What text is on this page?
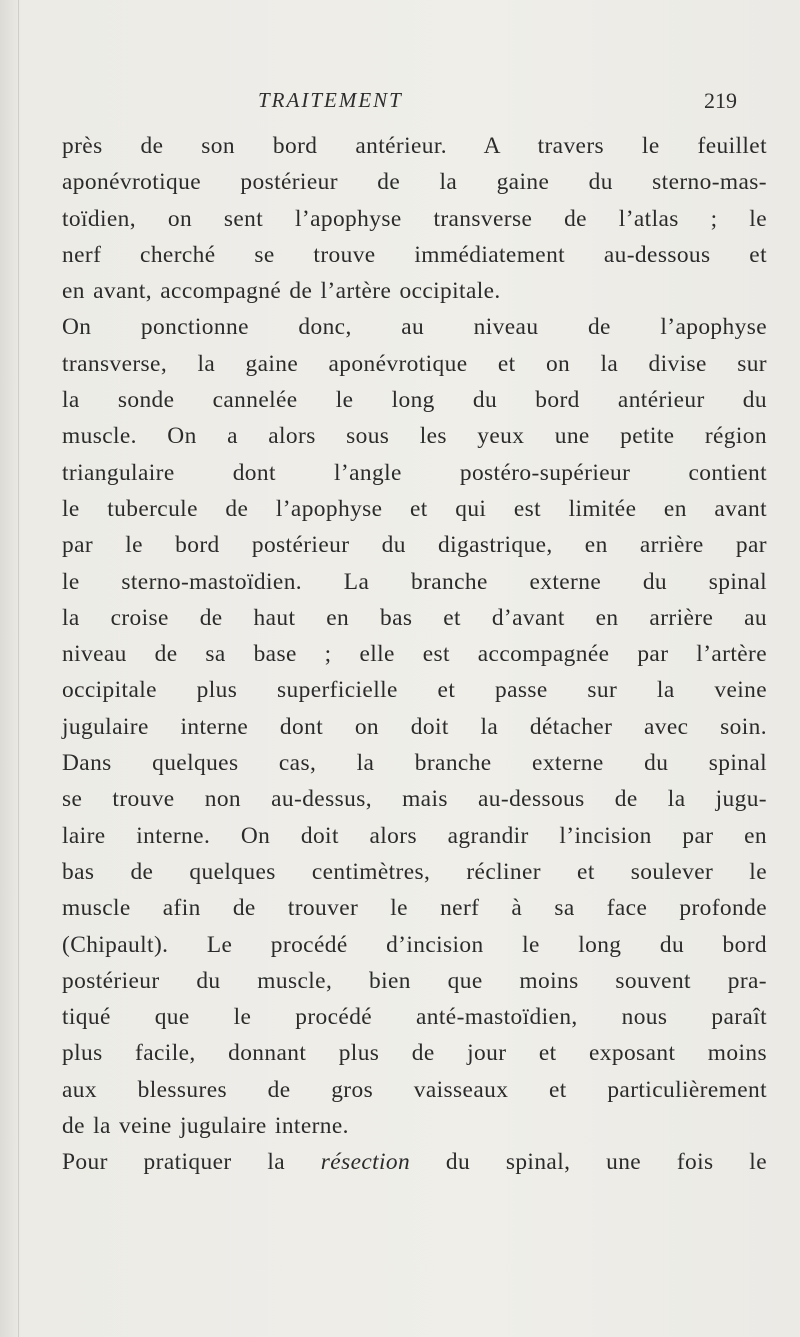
TRAITEMENT	219
près de son bord antérieur. A travers le feuillet
aponévrotique postérieur de la gaine du sterno-mas-
toïdien, on sent l’apophyse transverse de l’atlas ; le
nerf cherché se trouve immédiatement au-dessous et
en avant, accompagné de l’artère occipitale.
On ponctionne donc, au niveau de l’apophyse
transverse, la gaine aponévrotique et on la divise sur
la sonde cannelée le long du bord antérieur du
muscle. On a alors sous les yeux une petite région
triangulaire dont l’angle postéro-supérieur contient
le tubercule de l’apophyse et qui est limitée en avant
par le bord postérieur du digastrique, en arrière par
le sterno-mastoïdien. La branche externe du spinal
la croise de haut en bas et d’avant en arrière au
niveau de sa base ; elle est accompagnée par l’artère
occipitale plus superficielle et passe sur la veine
jugulaire interne dont on doit la détacher avec soin.
Dans quelques cas, la branche externe du spinal
se trouve non au-dessus, mais au-dessous de la jugu-
laire interne. On doit alors agrandir l’incision par en
bas de quelques centimètres, récliner et soulever le
muscle afin de trouver le nerf à sa face profonde
(Chipault). Le procédé d’incision le long du bord
postérieur du muscle, bien que moins souvent pra-
tiqué que le procédé anté-mastoïdien, nous paraît
plus facile, donnant plus de jour et exposant moins
aux blessures de gros vaisseaux et particulièrement
de la veine jugulaire interne.
Pour pratiquer la résection du spinal, une fois le
